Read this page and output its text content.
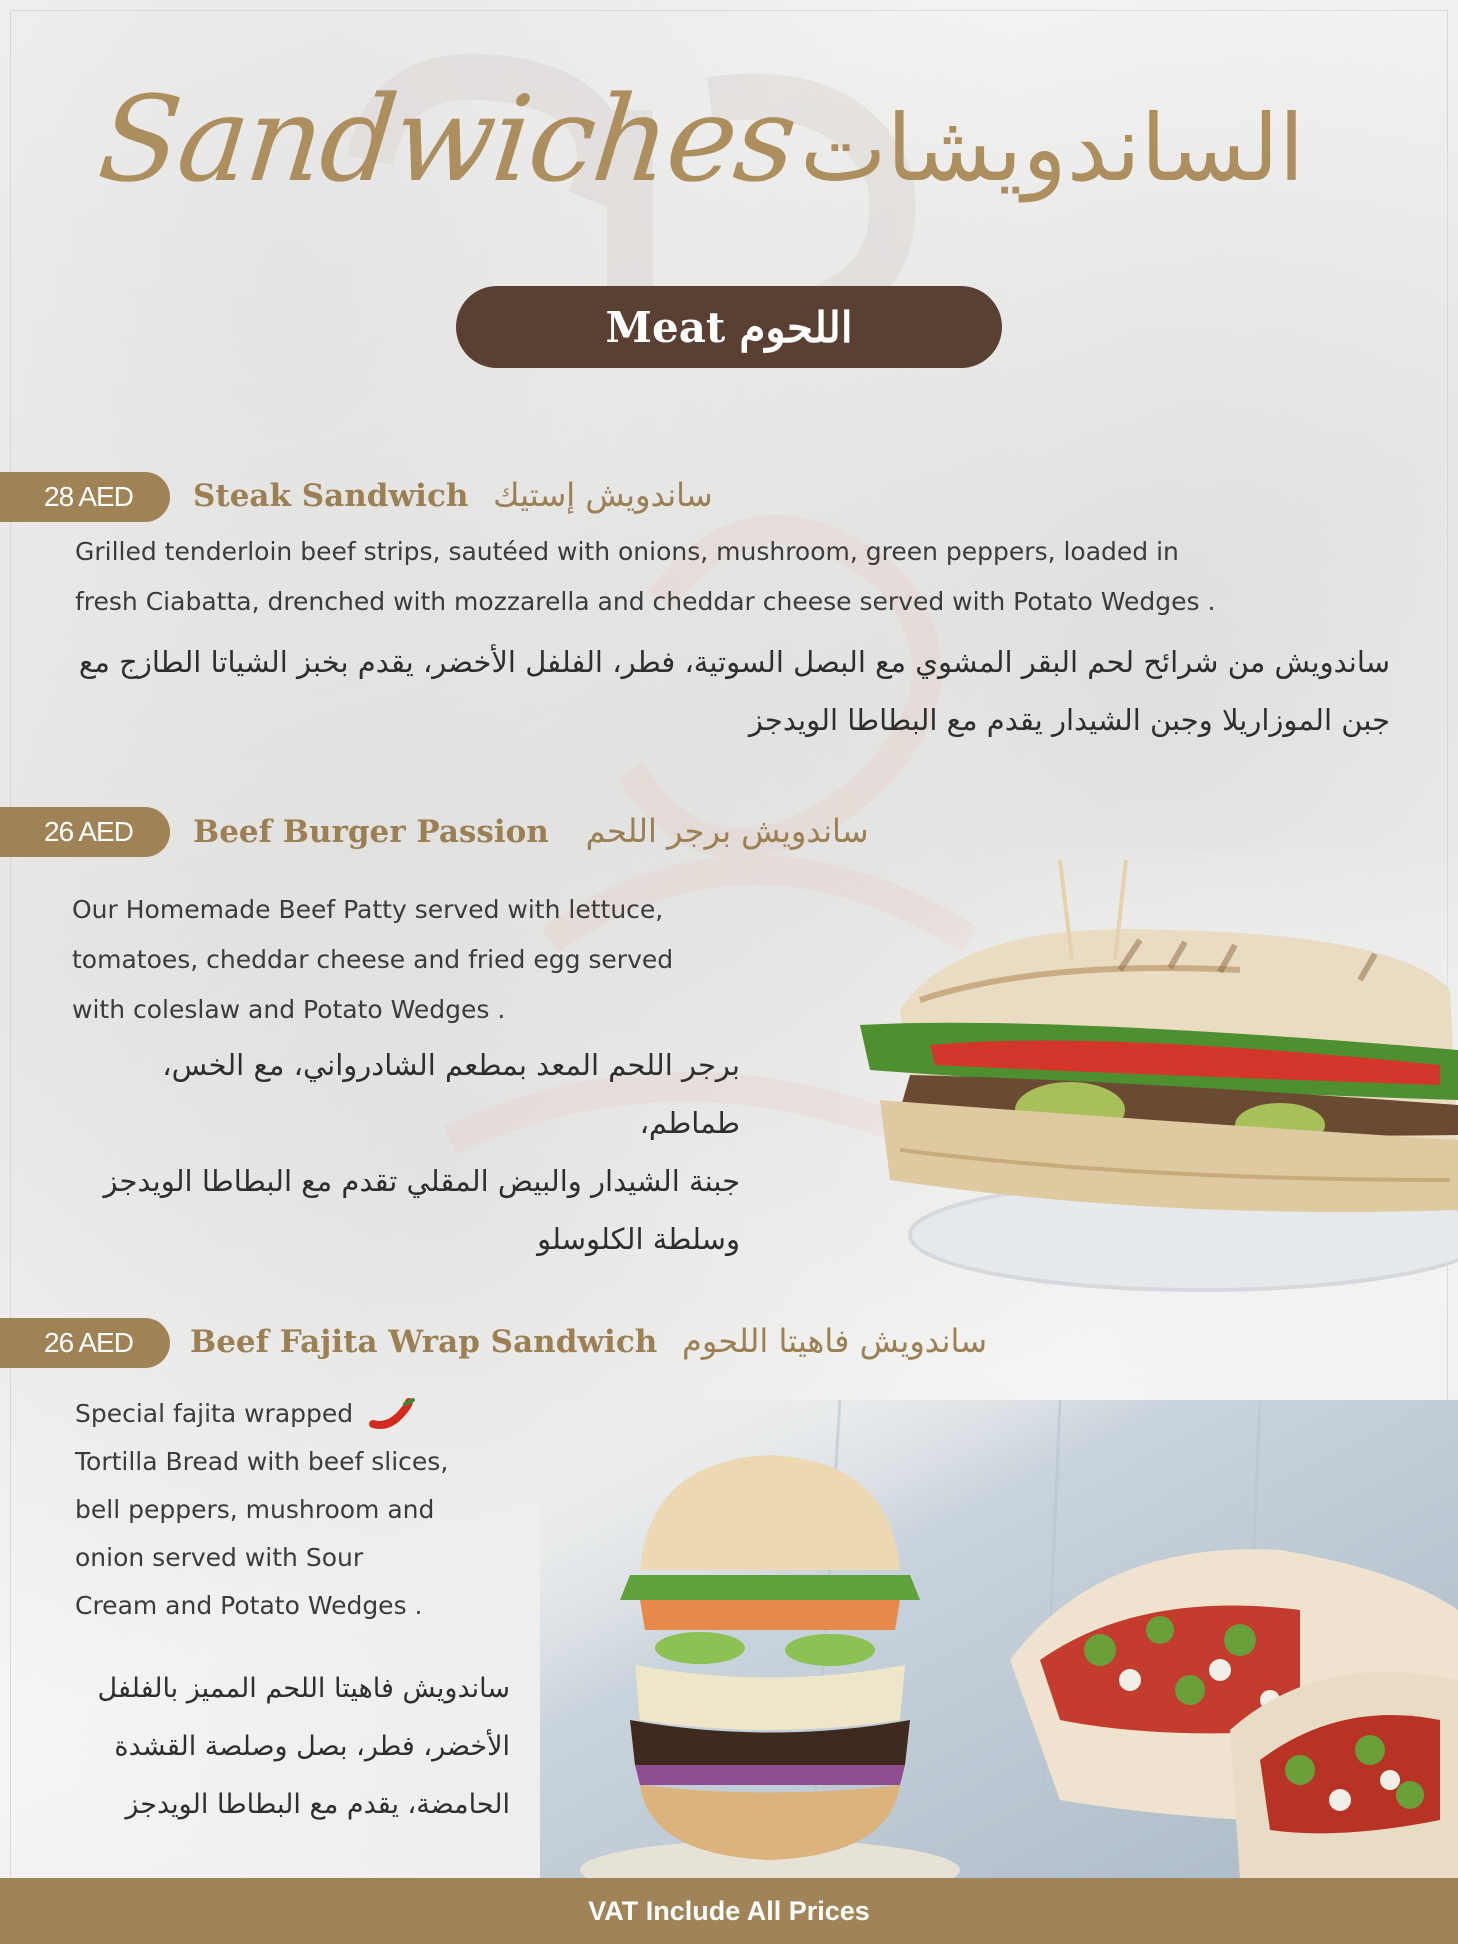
Sandwiches
الساندويشات
Meat اللحوم
28 AED	Steak Sandwich ساندويش إستيك
Grilled tenderloin beef strips, sautéed with onions, mushroom, green peppers, loaded in
fresh Ciabatta, drenched with mozzarella and cheddar cheese served with Potato Wedges .
ساندويش من شرائح لحم البقر المشوي مع البصل السوتية، فطر، الفلفل الأخضر، يقدم بخبز الشياتا الطازج مع
جبن الموزاريلا وجبن الشيدار يقدم مع البطاطا الويدجز
26 AED	Beef Burger Passion ساندويش برجر اللحم
Our Homemade Beef Patty served with lettuce,
tomatoes, cheddar cheese and fried egg served
with coleslaw and Potato Wedges .
برجر اللحم المعد بمطعم الشادرواني، مع الخس، طماطم،
جبنة الشيدار والبيض المقلي تقدم مع البطاطا الويدجز
وسلطة الكلوسلو
26 AED	Beef Fajita Wrap Sandwich ساندويش فاهيتا اللحوم
Special fajita wrapped
Tortilla Bread with beef slices,
bell peppers, mushroom and
onion served with Sour
Cream and Potato Wedges .
ساندويش فاهيتا اللحم المميز بالفلفل
الأخضر، فطر، بصل وصلصة القشدة
الحامضة، يقدم مع البطاطا الويدجز
VAT Include All Prices
